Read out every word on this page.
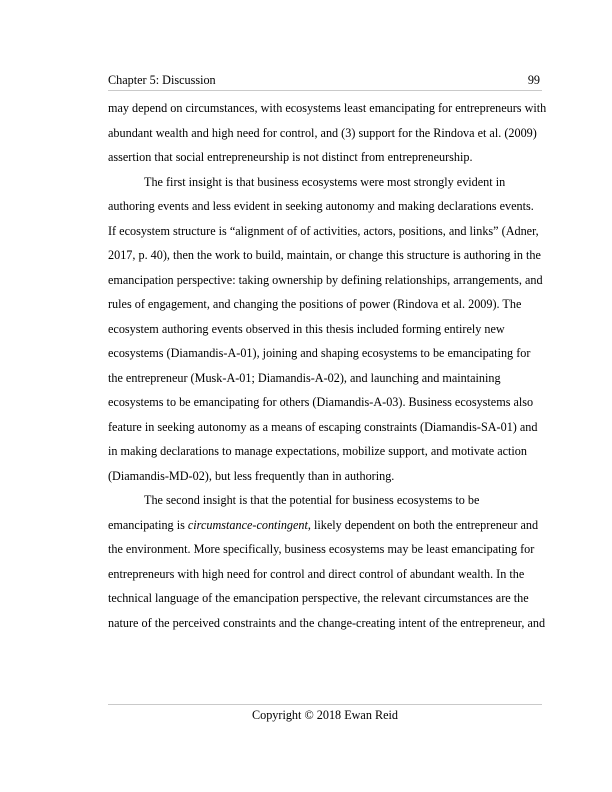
Chapter 5: Discussion	99
may depend on circumstances, with ecosystems least emancipating for entrepreneurs with
abundant wealth and high need for control, and (3) support for the Rindova et al. (2009)
assertion that social entrepreneurship is not distinct from entrepreneurship.
The first insight is that business ecosystems were most strongly evident in
authoring events and less evident in seeking autonomy and making declarations events.
If ecosystem structure is “alignment of of activities, actors, positions, and links” (Adner,
2017, p. 40), then the work to build, maintain, or change this structure is authoring in the
emancipation perspective: taking ownership by defining relationships, arrangements, and
rules of engagement, and changing the positions of power (Rindova et al. 2009). The
ecosystem authoring events observed in this thesis included forming entirely new
ecosystems (Diamandis-A-01), joining and shaping ecosystems to be emancipating for
the entrepreneur (Musk-A-01; Diamandis-A-02), and launching and maintaining
ecosystems to be emancipating for others (Diamandis-A-03). Business ecosystems also
feature in seeking autonomy as a means of escaping constraints (Diamandis-SA-01) and
in making declarations to manage expectations, mobilize support, and motivate action
(Diamandis-MD-02), but less frequently than in authoring.
The second insight is that the potential for business ecosystems to be
emancipating is circumstance-contingent, likely dependent on both the entrepreneur and
the environment. More specifically, business ecosystems may be least emancipating for
entrepreneurs with high need for control and direct control of abundant wealth. In the
technical language of the emancipation perspective, the relevant circumstances are the
nature of the perceived constraints and the change-creating intent of the entrepreneur, and
Copyright © 2018 Ewan Reid
